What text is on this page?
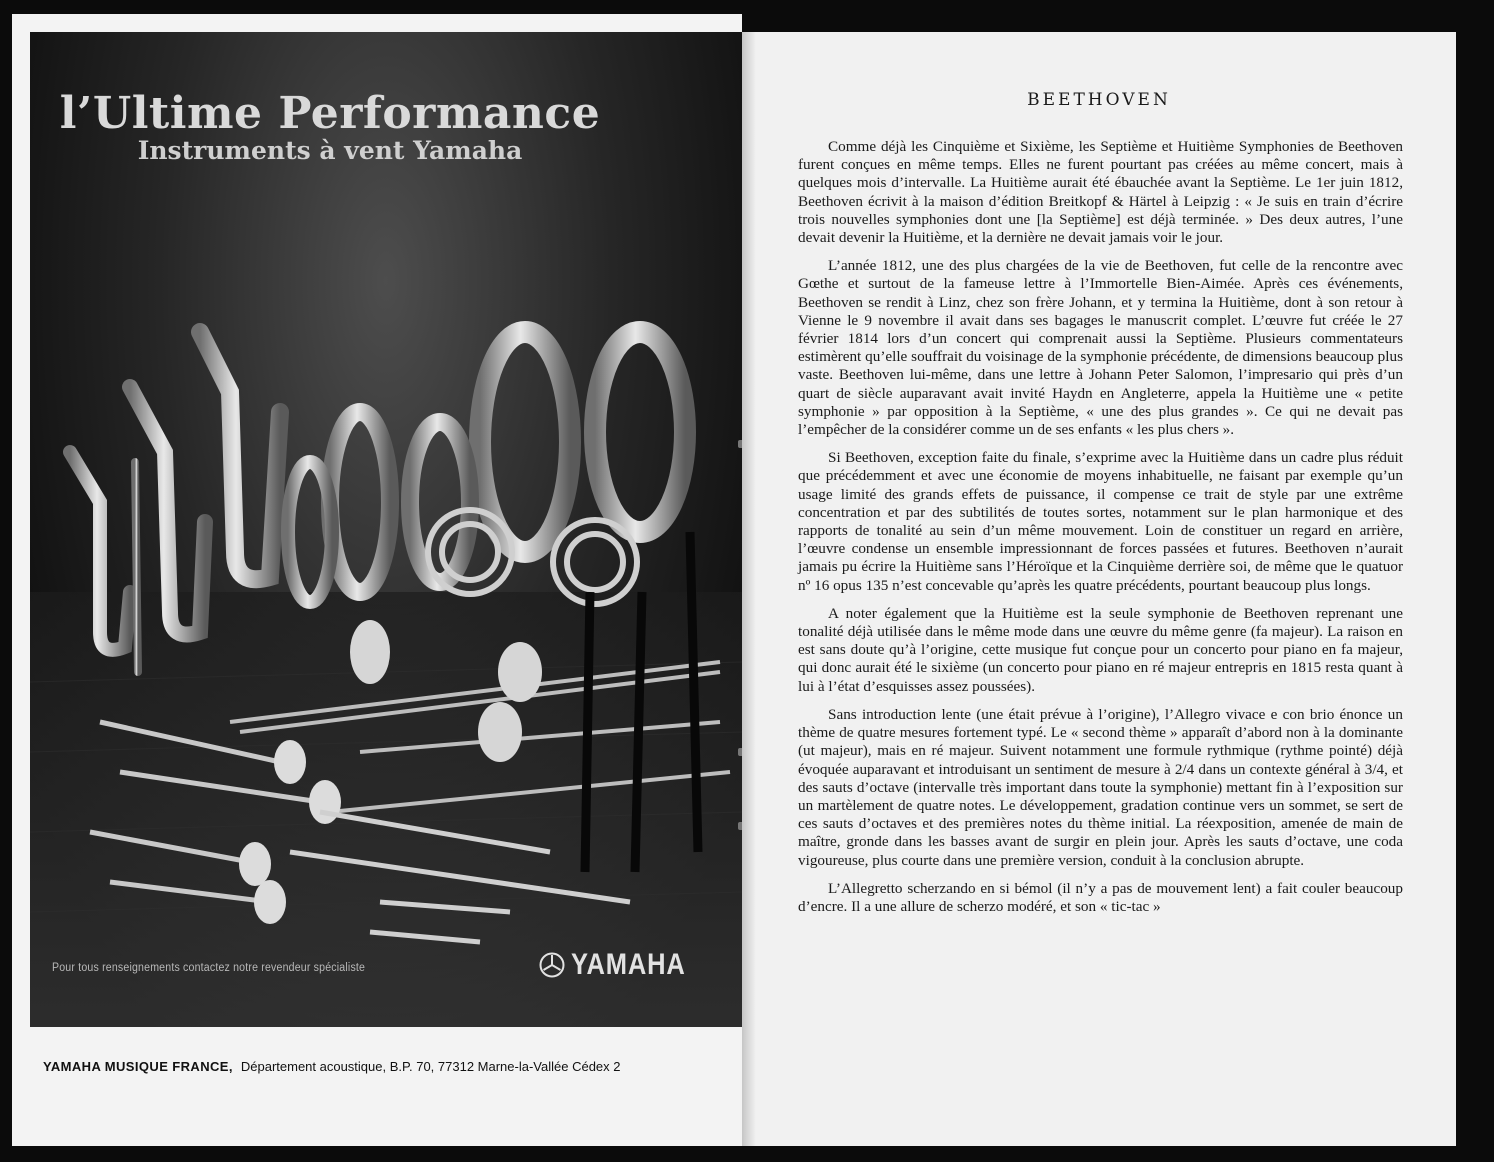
l’Ultime Performance
Instruments à vent Yamaha
Pour tous renseignements contactez notre revendeur spécialiste	YAMAHA
YAMAHA MUSIQUE FRANCE, Département acoustique, B.P. 70, 77312 Marne-la-Vallée Cédex 2
BEETHOVEN

Comme déjà les Cinquième et Sixième, les Septième et Huitième Symphonies de Beethoven furent conçues en même temps. Elles ne furent pourtant pas créées au même concert, mais à quelques mois d’intervalle. La Huitième aurait été ébauchée avant la Septième. Le 1er juin 1812, Beethoven écrivit à la maison d’édition Breitkopf & Härtel à Leipzig : « Je suis en train d’écrire trois nouvelles symphonies dont une [la Septième] est déjà terminée. » Des deux autres, l’une devait devenir la Huitième, et la dernière ne devait jamais voir le jour.

L’année 1812, une des plus chargées de la vie de Beethoven, fut celle de la rencontre avec Gœthe et surtout de la fameuse lettre à l’Immortelle Bien-Aimée. Après ces événements, Beethoven se rendit à Linz, chez son frère Johann, et y termina la Huitième, dont à son retour à Vienne le 9 novembre il avait dans ses bagages le manuscrit complet. L’œuvre fut créée le 27 février 1814 lors d’un concert qui comprenait aussi la Septième. Plusieurs commentateurs estimèrent qu’elle souffrait du voisinage de la symphonie précédente, de dimensions beaucoup plus vaste. Beethoven lui-même, dans une lettre à Johann Peter Salomon, l’impresario qui près d’un quart de siècle auparavant avait invité Haydn en Angleterre, appela la Huitième une « petite symphonie » par opposition à la Septième, « une des plus grandes ». Ce qui ne devait pas l’empêcher de la considérer comme un de ses enfants « les plus chers ».

Si Beethoven, exception faite du finale, s’exprime avec la Huitième dans un cadre plus réduit que précédemment et avec une économie de moyens inhabituelle, ne faisant par exemple qu’un usage limité des grands effets de puissance, il compense ce trait de style par une extrême concentration et par des subtilités de toutes sortes, notamment sur le plan harmonique et des rapports de tonalité au sein d’un même mouvement. Loin de constituer un regard en arrière, l’œuvre condense un ensemble impressionnant de forces passées et futures. Beethoven n’aurait jamais pu écrire la Huitième sans l’Héroïque et la Cinquième derrière soi, de même que le quatuor nº 16 opus 135 n’est concevable qu’après les quatre précédents, pourtant beaucoup plus longs.

A noter également que la Huitième est la seule symphonie de Beethoven reprenant une tonalité déjà utilisée dans le même mode dans une œuvre du même genre (fa majeur). La raison en est sans doute qu’à l’origine, cette musique fut conçue pour un concerto pour piano en fa majeur, qui donc aurait été le sixième (un concerto pour piano en ré majeur entrepris en 1815 resta quant à lui à l’état d’esquisses assez poussées).

Sans introduction lente (une était prévue à l’origine), l’Allegro vivace e con brio énonce un thème de quatre mesures fortement typé. Le « second thème » apparaît d’abord non à la dominante (ut majeur), mais en ré majeur. Suivent notamment une formule rythmique (rythme pointé) déjà évoquée auparavant et introduisant un sentiment de mesure à 2/4 dans un contexte général à 3/4, et des sauts d’octave (intervalle très important dans toute la symphonie) mettant fin à l’exposition sur un martèlement de quatre notes. Le développement, gradation continue vers un sommet, se sert de ces sauts d’octaves et des premières notes du thème initial. La réexposition, amenée de main de maître, gronde dans les basses avant de surgir en plein jour. Après les sauts d’octave, une coda vigoureuse, plus courte dans une première version, conduit à la conclusion abrupte.

L’Allegretto scherzando en si bémol (il n’y a pas de mouvement lent) a fait couler beaucoup d’encre. Il a une allure de scherzo modéré, et son « tic-tac »
